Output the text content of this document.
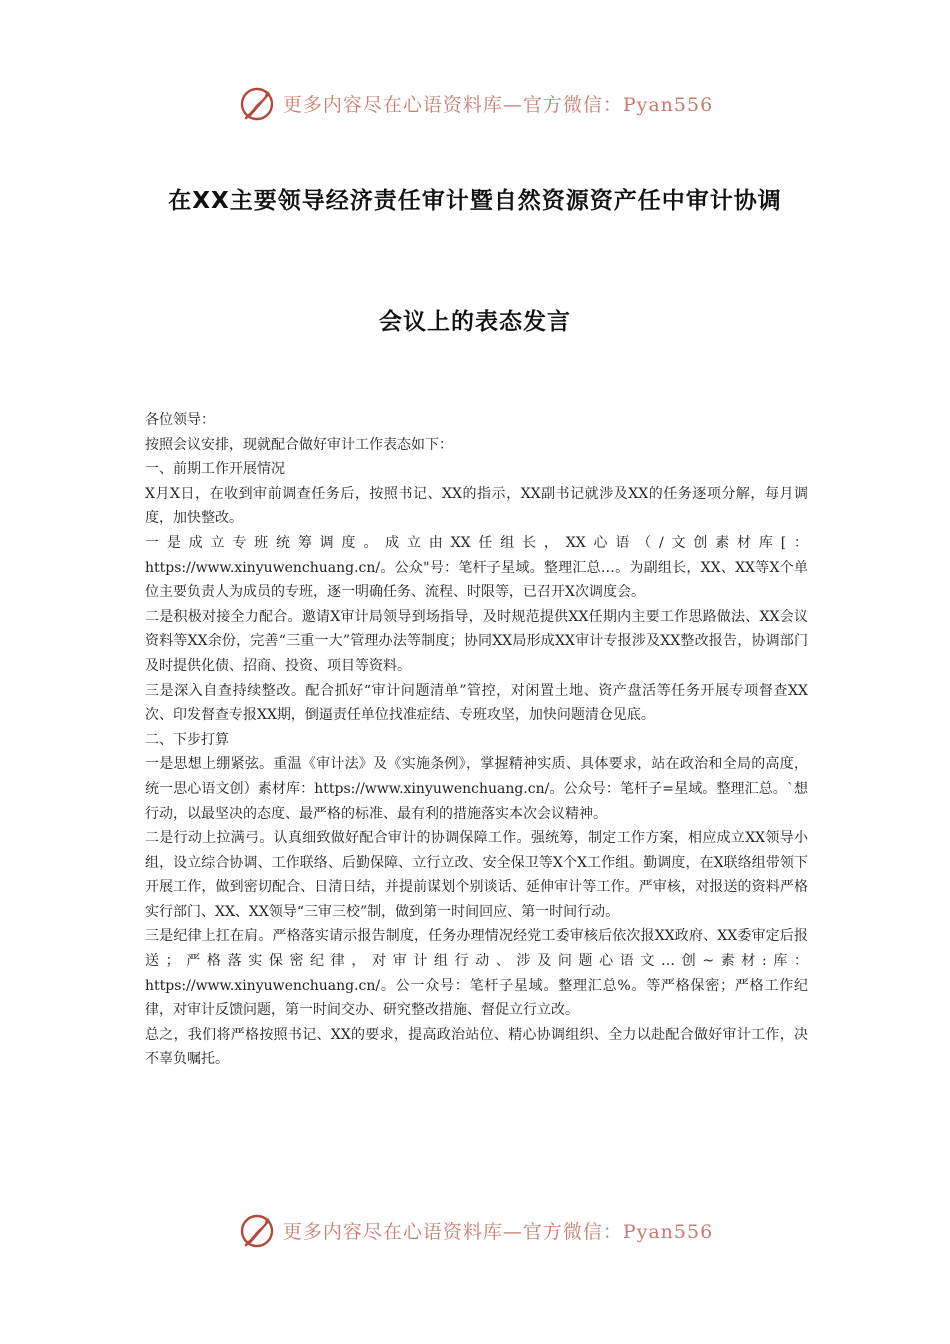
更多内容尽在心语资料库—官方微信：Pyan556
在XX主要领导经济责任审计暨自然资源资产任中审计协调
会议上的表态发言

各位领导：

按照会议安排，现就配合做好审计工作表态如下：

一、前期工作开展情况

X月X日，在收到审前调查任务后，按照书记、XX的指示，XX副书记就涉及XX的任务逐项分解，每月调度，加快整改。

一是成立专班统筹调度。成立由XX任组长，XX心语（/文创素材库[：https://www.xinyuwenchuang.cn/。公众"号：笔杆子星域。整理汇总…。为副组长，XX、XX等X个单位主要负责人为成员的专班，逐一明确任务、流程、时限等，已召开X次调度会。

二是积极对接全力配合。邀请X审计局领导到场指导，及时规范提供XX任期内主要工作思路做法、XX会议资料等XX余份，完善“三重一大”管理办法等制度；协同XX局形成XX审计专报涉及XX整改报告，协调部门及时提供化债、招商、投资、项目等资料。

三是深入自查持续整改。配合抓好“审计问题清单”管控，对闲置土地、资产盘活等任务开展专项督查XX次、印发督查专报XX期，倒逼责任单位找准症结、专班攻坚，加快问题清仓见底。

二、下步打算

一是思想上绷紧弦。重温《审计法》及《实施条例》，掌握精神实质、具体要求，站在政治和全局的高度，统一思心语文创）素材库：https://www.xinyuwenchuang.cn/。公众号：笔杆子=星域。整理汇总。`想行动，以最坚决的态度、最严格的标准、最有利的措施落实本次会议精神。

二是行动上拉满弓。认真细致做好配合审计的协调保障工作。强统筹，制定工作方案，相应成立XX领导小组，设立综合协调、工作联络、后勤保障、立行立改、安全保卫等X个X工作组。勤调度，在X联络组带领下开展工作，做到密切配合、日清日结，并提前谋划个别谈话、延伸审计等工作。严审核，对报送的资料严格实行部门、XX、XX领导“三审三校”制，做到第一时间回应、第一时间行动。

三是纪律上扛在肩。严格落实请示报告制度，任务办理情况经党工委审核后依次报XX政府、XX委审定后报送；严格落实保密纪律，对审计组行动、涉及问题心语文…创~素材:库：https://www.xinyuwenchuang.cn/。公一众号：笔杆子星域。整理汇总%。等严格保密；严格工作纪律，对审计反馈问题，第一时间交办、研究整改措施、督促立行立改。

总之，我们将严格按照书记、XX的要求，提高政治站位、精心协调组织、全力以赴配合做好审计工作，决不辜负嘱托。

更多内容尽在心语资料库—官方微信：Pyan556
